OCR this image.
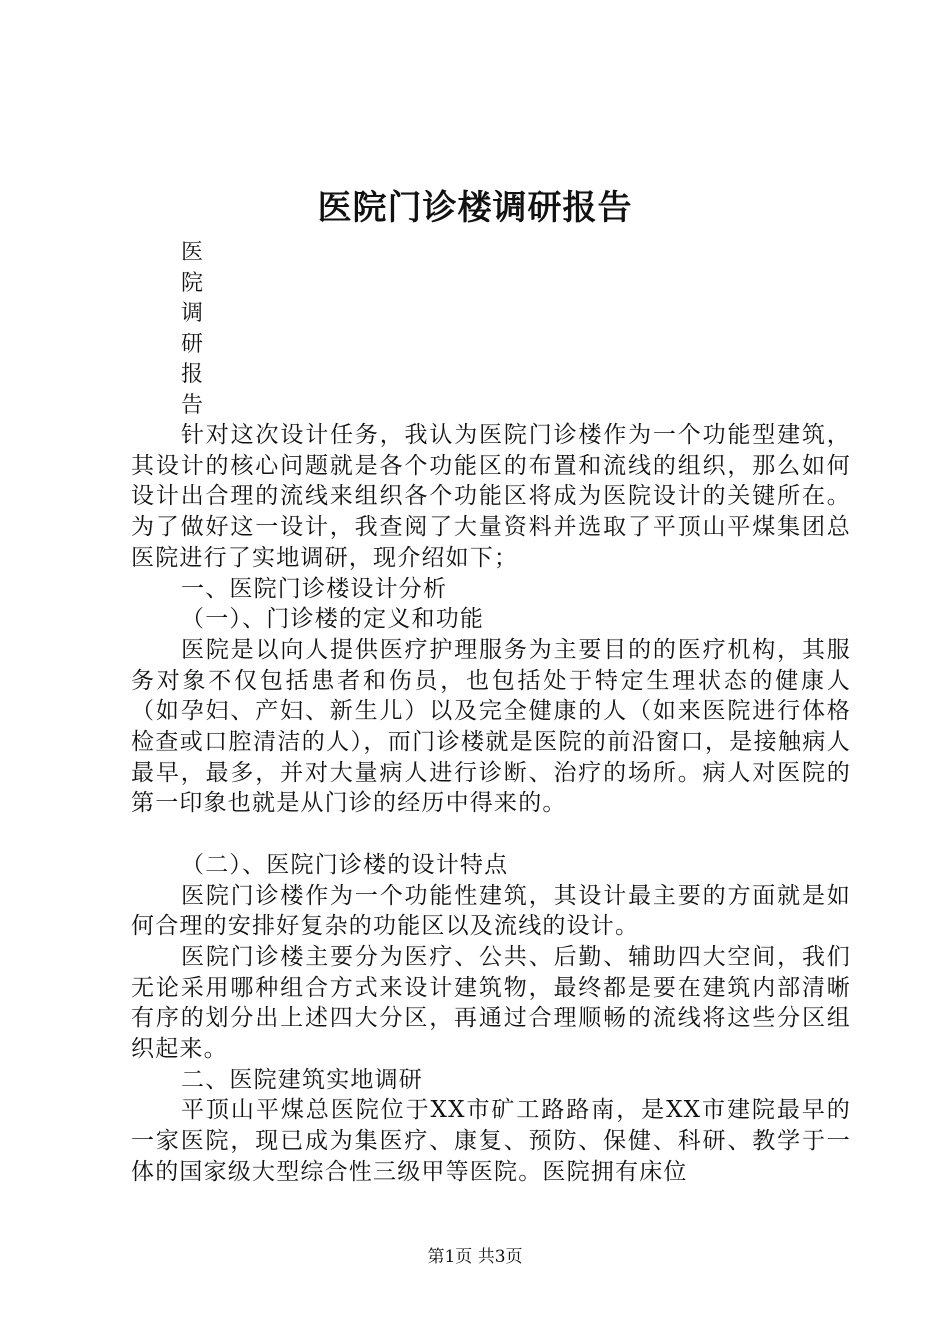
医院门诊楼调研报告
医
院
调
研
报
告

针对这次设计任务，我认为医院门诊楼作为一个功能型建筑，其设计的核心问题就是各个功能区的布置和流线的组织，那么如何设计出合理的流线来组织各个功能区将成为医院设计的关键所在。为了做好这一设计，我查阅了大量资料并选取了平顶山平煤集团总医院进行了实地调研，现介绍如下；

一、医院门诊楼设计分析

（一）、门诊楼的定义和功能

医院是以向人提供医疗护理服务为主要目的的医疗机构，其服务对象不仅包括患者和伤员，也包括处于特定生理状态的健康人（如孕妇、产妇、新生儿）以及完全健康的人（如来医院进行体格检查或口腔清洁的人），而门诊楼就是医院的前沿窗口，是接触病人最早，最多，并对大量病人进行诊断、治疗的场所。病人对医院的第一印象也就是从门诊的经历中得来的。

（二）、医院门诊楼的设计特点

医院门诊楼作为一个功能性建筑，其设计最主要的方面就是如何合理的安排好复杂的功能区以及流线的设计。

医院门诊楼主要分为医疗、公共、后勤、辅助四大空间，我们无论采用哪种组合方式来设计建筑物，最终都是要在建筑内部清晰有序的划分出上述四大分区，再通过合理顺畅的流线将这些分区组织起来。

二、医院建筑实地调研

平顶山平煤总医院位于XX市矿工路路南，是XX市建院最早的一家医院，现已成为集医疗、康复、预防、保健、科研、教学于一体的国家级大型综合性三级甲等医院。医院拥有床位

第1页 共3页
